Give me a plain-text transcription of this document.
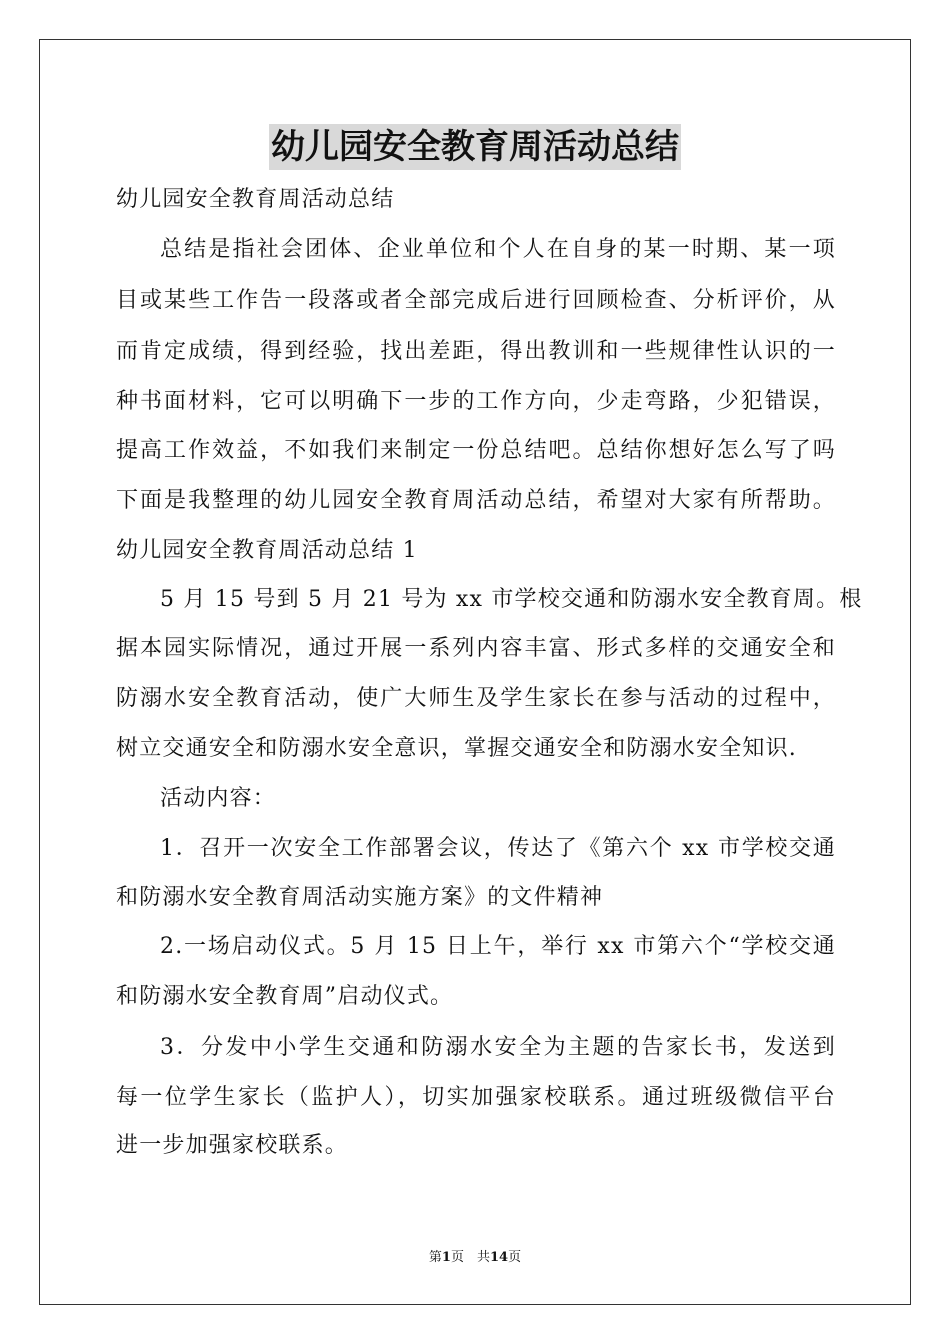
幼儿园安全教育周活动总结
幼儿园安全教育周活动总结
总结是指社会团体、企业单位和个人在自身的某一时期、某一项
目或某些工作告一段落或者全部完成后进行回顾检查、分析评价，从
而肯定成绩，得到经验，找出差距，得出教训和一些规律性认识的一
种书面材料，它可以明确下一步的工作方向，少走弯路，少犯错误，
提高工作效益，不如我们来制定一份总结吧。总结你想好怎么写了吗
下面是我整理的幼儿园安全教育周活动总结，希望对大家有所帮助。
幼儿园安全教育周活动总结 1
5 月 15 号到 5 月 21 号为 xx 市学校交通和防溺水安全教育周。根
据本园实际情况，通过开展一系列内容丰富、形式多样的交通安全和
防溺水安全教育活动，使广大师生及学生家长在参与活动的过程中，
树立交通安全和防溺水安全意识，掌握交通安全和防溺水安全知识.
活动内容：
1．召开一次安全工作部署会议，传达了《第六个 xx 市学校交通
和防溺水安全教育周活动实施方案》的文件精神
2.一场启动仪式。5 月 15 日上午，举行 xx 市第六个“学校交通
和防溺水安全教育周”启动仪式。
3．分发中小学生交通和防溺水安全为主题的告家长书，发送到
每一位学生家长（监护人），切实加强家校联系。通过班级微信平台
进一步加强家校联系。
第1页　共14页
